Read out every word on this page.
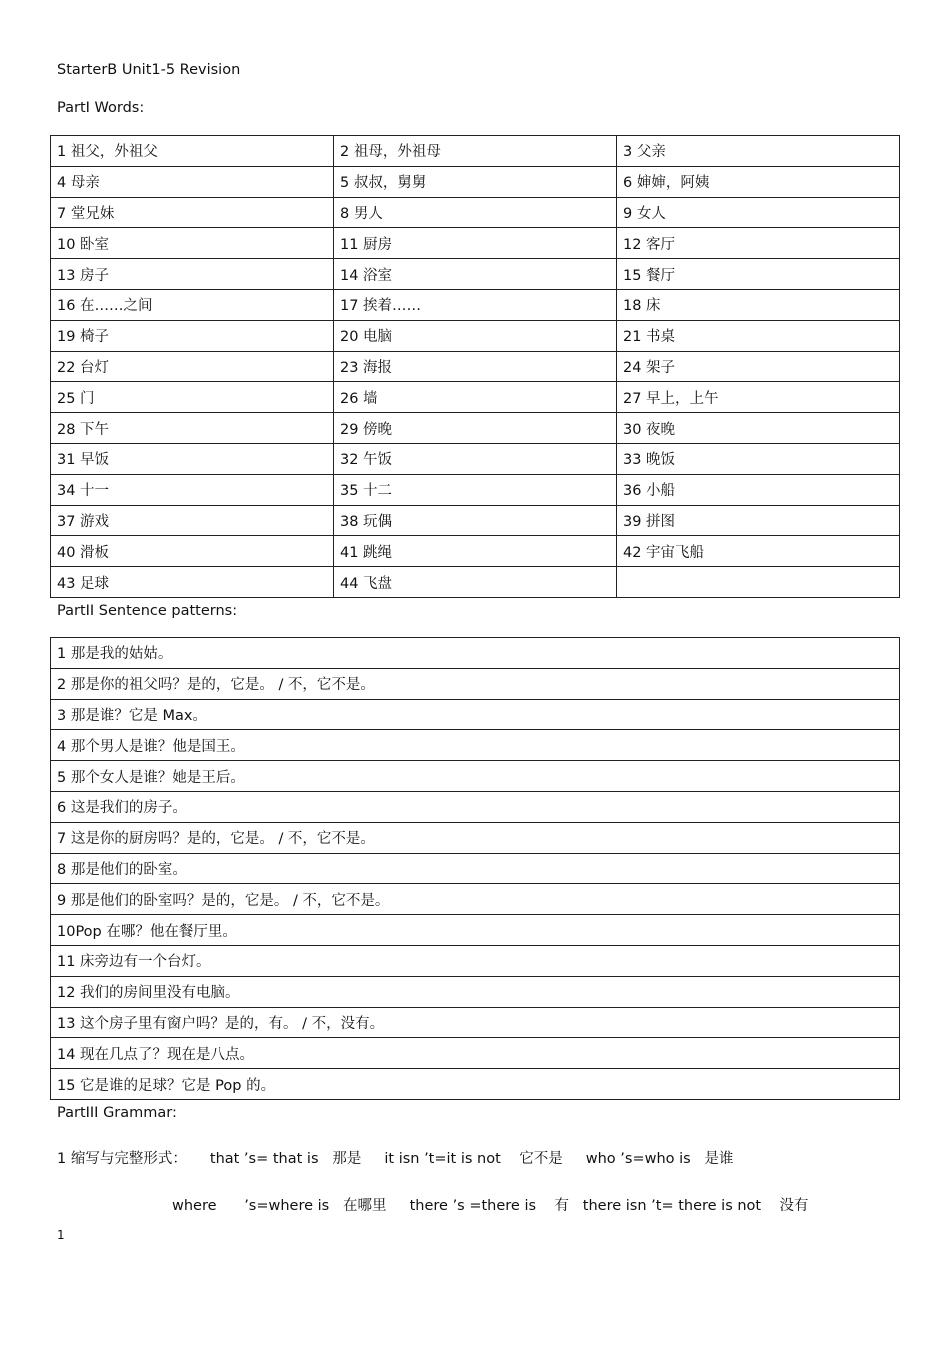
StarterB Unit1-5 Revision
PartI Words:
1 祖父，外祖父	2 祖母，外祖母	3 父亲
4 母亲	5 叔叔，舅舅	6 婶婶，阿姨
7 堂兄妹	8 男人	9 女人
10 卧室	11 厨房	12 客厅
13 房子	14 浴室	15 餐厅
16 在……之间	17 挨着……	18 床
19 椅子	20 电脑	21 书桌
22 台灯	23 海报	24 架子
25 门	26 墙	27 早上，上午
28 下午	29 傍晚	30 夜晚
31 早饭	32 午饭	33 晚饭
34 十一	35 十二	36 小船
37 游戏	38 玩偶	39 拼图
40 滑板	41 跳绳	42 宇宙飞船
43 足球	44 飞盘	
PartII Sentence patterns:
1 那是我的姑姑。
2 那是你的祖父吗？是的，它是。 / 不，它不是。
3 那是谁？它是 Max。
4 那个男人是谁？他是国王。
5 那个女人是谁？她是王后。
6 这是我们的房子。
7 这是你的厨房吗？是的，它是。 / 不，它不是。
8 那是他们的卧室。
9 那是他们的卧室吗？是的，它是。 / 不，它不是。
10Pop 在哪？他在餐厅里。
11 床旁边有一个台灯。
12 我们的房间里没有电脑。
13 这个房子里有窗户吗？是的，有。 / 不，没有。
14 现在几点了？现在是八点。
15 它是谁的足球？它是 Pop 的。
PartIII Grammar:
1 缩写与完整形式：     that ’s= that is   那是     it isn ’t=it is not    它不是     who ’s=who is   是谁
where      ’s=where is   在哪里     there ’s =there is    有   there isn ’t= there is not    没有
1
